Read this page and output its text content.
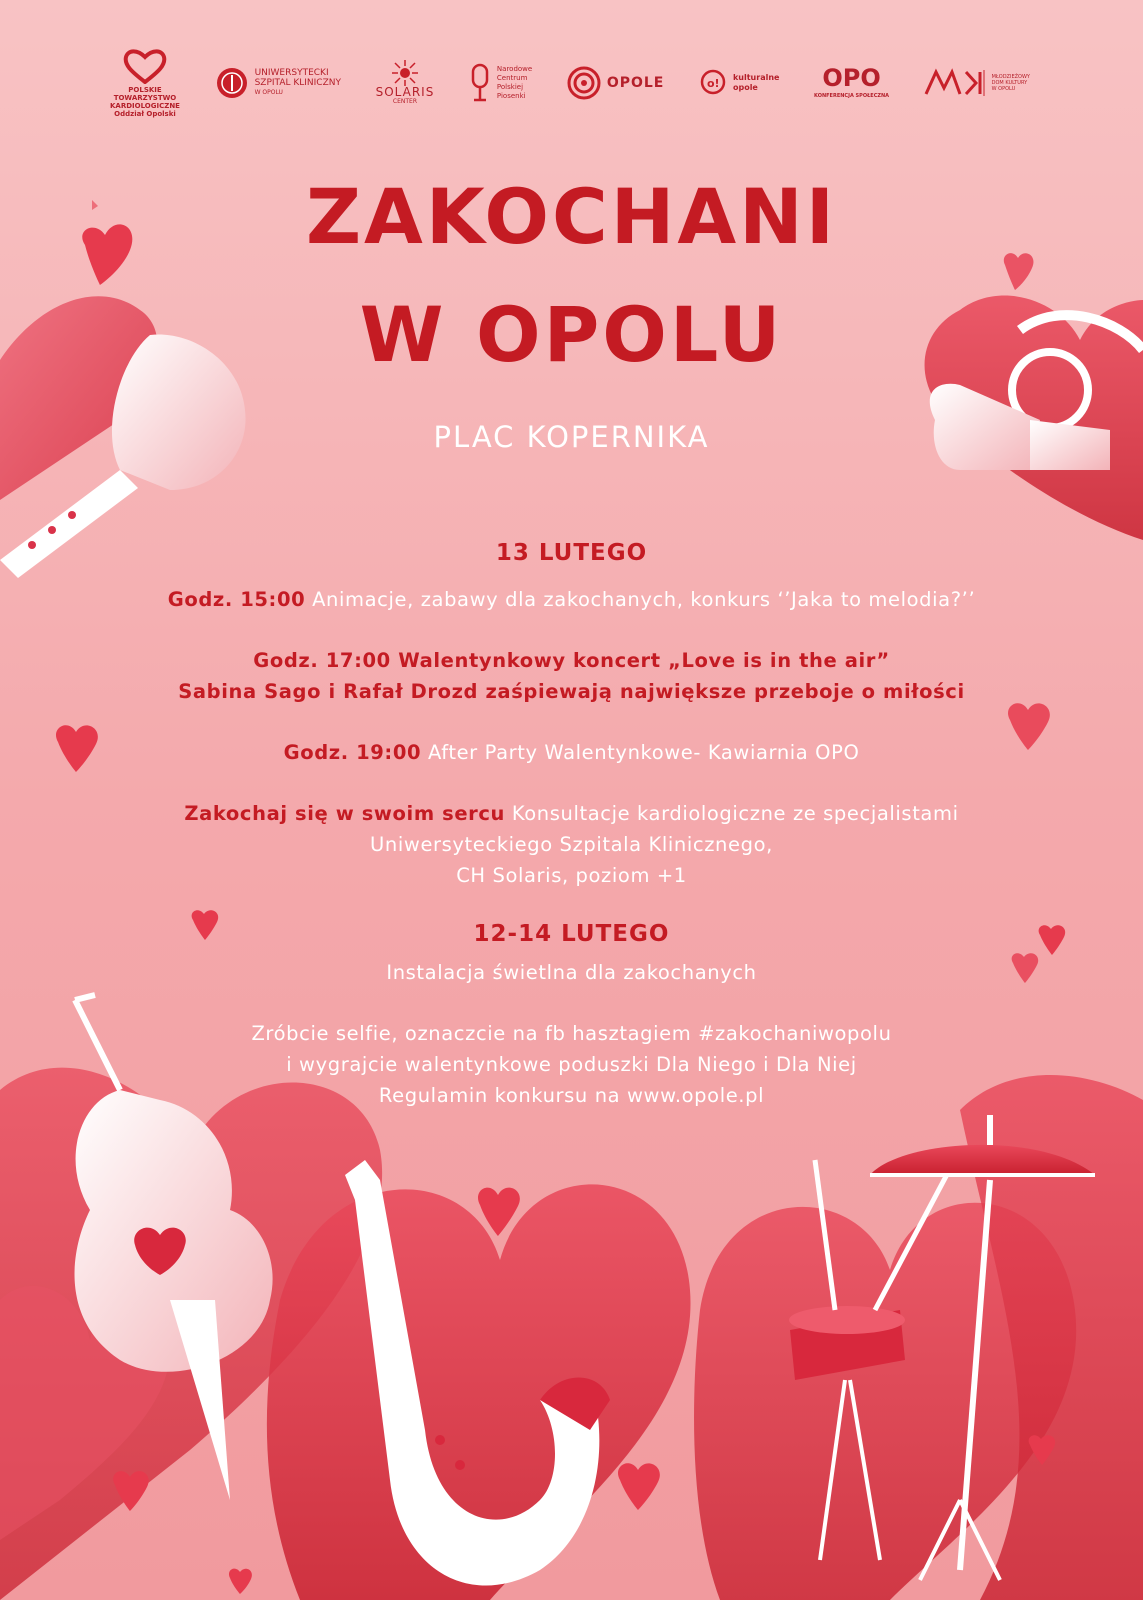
POLSKIE
TOWARZYSTWO
KARDIOLOGICZNE
Oddział Opolski
UNIWERSYTECKI
SZPITAL KLINICZNY
W OPOLU	SOLARIS
CENTER
Narodowe
Centrum
Polskiej
Piosenki
OPOLE	o! kulturalne
opole	OPO
KONFERENCJA SPOŁECZNA
MŁODZIEŻOWY
DOM KULTURY
W OPOLU
ZAKOCHANI
W OPOLU
PLAC KOPERNIKA

13 LUTEGO

Godz. 15:00 Animacje, zabawy dla zakochanych, konkurs ‘’Jaka to melodia?’’

Godz. 17:00 Walentynkowy koncert „Love is in the air”

Sabina Sago i Rafał Drozd zaśpiewają największe przeboje o miłości

Godz. 19:00 After Party Walentynkowe- Kawiarnia OPO

Zakochaj się w swoim sercu Konsultacje kardiologiczne ze specjalistami

Uniwersyteckiego Szpitala Klinicznego,

CH Solaris, poziom +1

12-14 LUTEGO

Instalacja świetlna dla zakochanych

Zróbcie selfie, oznaczcie na fb hasztagiem #zakochaniwopolu

i wygrajcie walentynkowe poduszki Dla Niego i Dla Niej

Regulamin konkursu na www.opole.pl
